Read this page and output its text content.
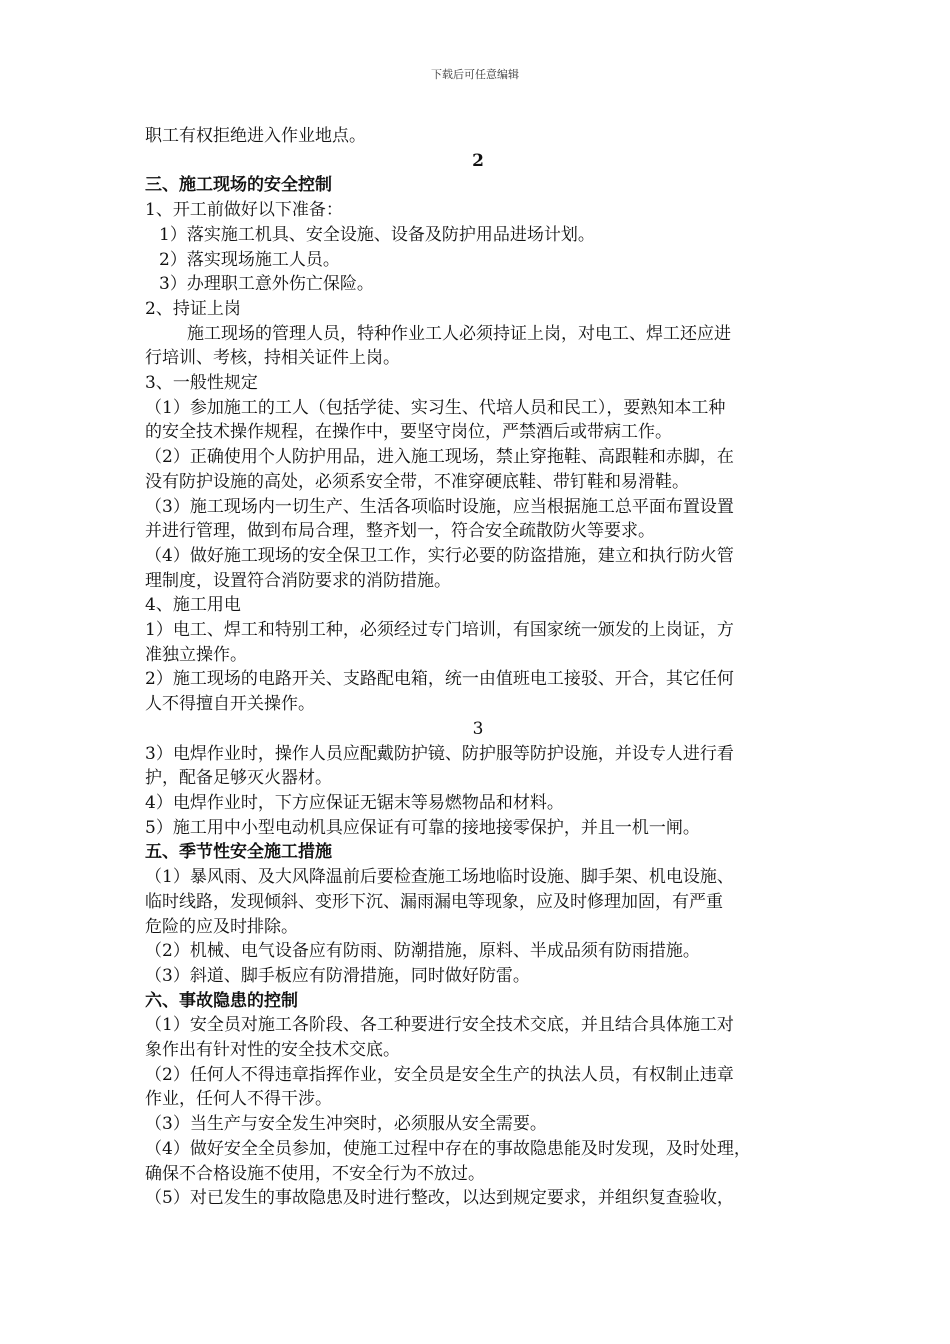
下载后可任意编辑
职工有权拒绝进入作业地点。
2
三、施工现场的安全控制
1、开工前做好以下准备：
1）落实施工机具、安全设施、设备及防护用品进场计划。
2）落实现场施工人员。
3）办理职工意外伤亡保险。
2、持证上岗
施工现场的管理人员，特种作业工人必须持证上岗，对电工、焊工还应进
行培训、考核，持相关证件上岗。
3、一般性规定
（1）参加施工的工人（包括学徒、实习生、代培人员和民工），要熟知本工种
的安全技术操作规程，在操作中，要坚守岗位，严禁酒后或带病工作。
（2）正确使用个人防护用品，进入施工现场，禁止穿拖鞋、高跟鞋和赤脚，在
没有防护设施的高处，必须系安全带，不准穿硬底鞋、带钉鞋和易滑鞋。
（3）施工现场内一切生产、生活各项临时设施，应当根据施工总平面布置设置
并进行管理，做到布局合理，整齐划一，符合安全疏散防火等要求。
（4）做好施工现场的安全保卫工作，实行必要的防盗措施，建立和执行防火管
理制度，设置符合消防要求的消防措施。
4、施工用电
1）电工、焊工和特别工种，必须经过专门培训，有国家统一颁发的上岗证，方
准独立操作。
2）施工现场的电路开关、支路配电箱，统一由值班电工接驳、开合，其它任何
人不得擅自开关操作。
3
3）电焊作业时，操作人员应配戴防护镜、防护服等防护设施，并设专人进行看
护，配备足够灭火器材。
4）电焊作业时，下方应保证无锯末等易燃物品和材料。
5）施工用中小型电动机具应保证有可靠的接地接零保护，并且一机一闸。
五、季节性安全施工措施
（1）暴风雨、及大风降温前后要检查施工场地临时设施、脚手架、机电设施、
临时线路，发现倾斜、变形下沉、漏雨漏电等现象，应及时修理加固，有严重
危险的应及时排除。
（2）机械、电气设备应有防雨、防潮措施，原料、半成品须有防雨措施。
（3）斜道、脚手板应有防滑措施，同时做好防雷。
六、事故隐患的控制
（1）安全员对施工各阶段、各工种要进行安全技术交底，并且结合具体施工对
象作出有针对性的安全技术交底。
（2）任何人不得违章指挥作业，安全员是安全生产的执法人员，有权制止违章
作业，任何人不得干涉。
（3）当生产与安全发生冲突时，必须服从安全需要。
（4）做好安全全员参加，使施工过程中存在的事故隐患能及时发现，及时处理，
确保不合格设施不使用，不安全行为不放过。
（5）对已发生的事故隐患及时进行整改，以达到规定要求，并组织复查验收，
